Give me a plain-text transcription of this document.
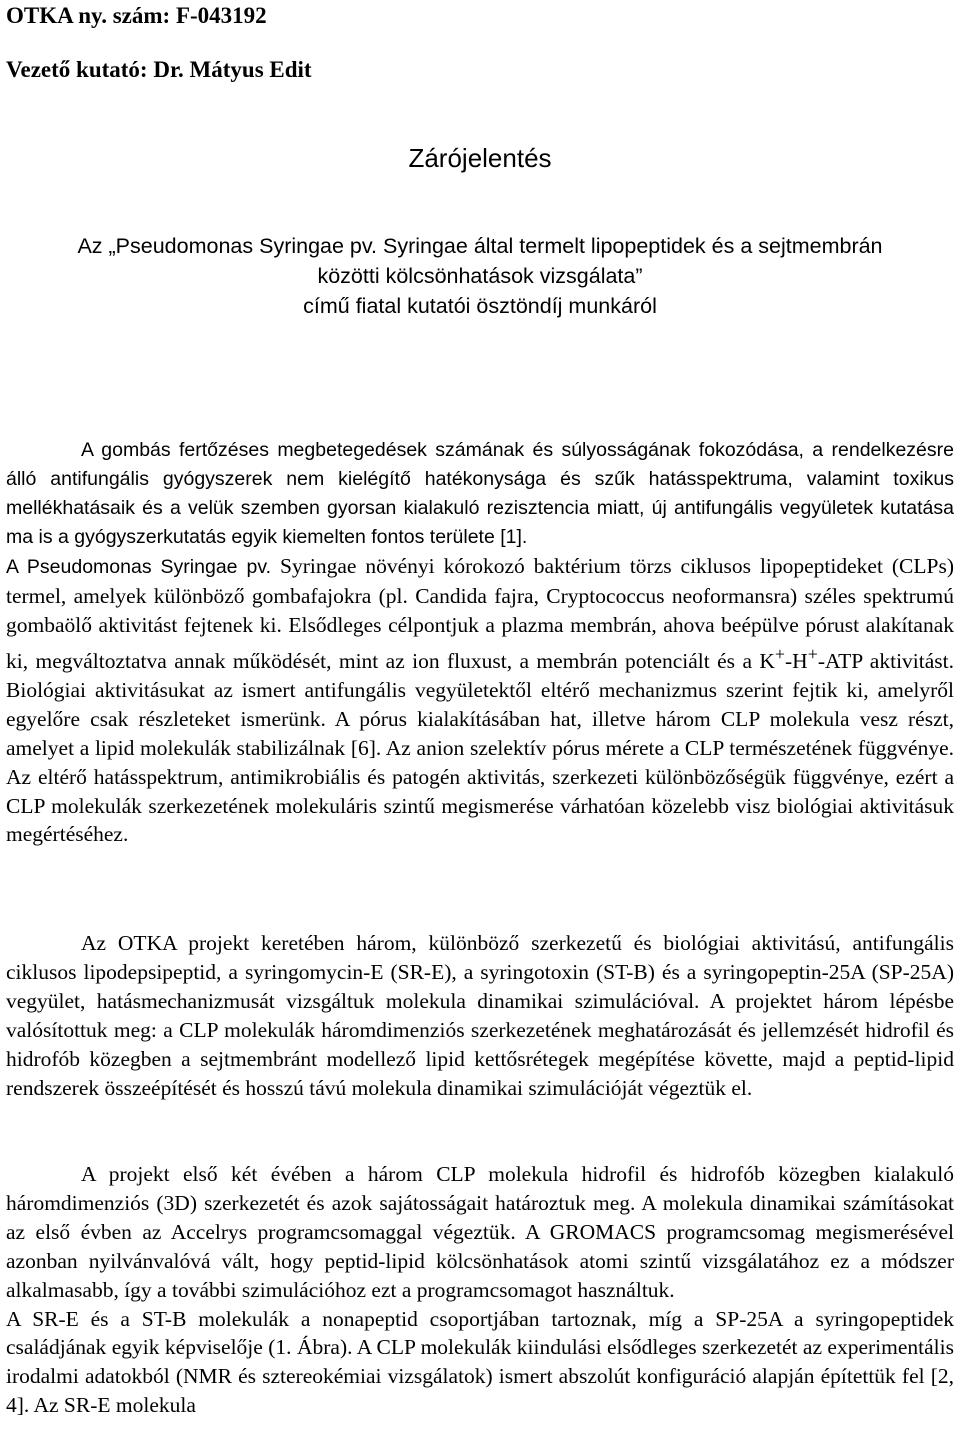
OTKA ny. szám: F-043192
Vezető kutató: Dr. Mátyus Edit
Zárójelentés
Az „Pseudomonas Syringae pv. Syringae által termelt lipopeptidek és a sejtmembrán
közötti kölcsönhatások vizsgálata”
című fiatal kutatói ösztöndíj munkáról

A gombás fertőzéses megbetegedések számának és súlyosságának fokozódása, a rendelkezésre álló antifungális gyógyszerek nem kielégítő hatékonysága és szűk hatásspektruma, valamint toxikus mellékhatásaik és a velük szemben gyorsan kialakuló rezisztencia miatt, új antifungális vegyületek kutatása ma is a gyógyszerkutatás egyik kiemelten fontos területe [1].

A Pseudomonas Syringae pv. Syringae növényi kórokozó baktérium törzs ciklusos lipopeptideket (CLPs) termel, amelyek különböző gombafajokra (pl. Candida fajra, Cryptococcus neoformansra) széles spektrumú gombaölő aktivitást fejtenek ki. Elsődleges célpontjuk a plazma membrán, ahova beépülve pórust alakítanak ki, megváltoztatva annak működését, mint az ion fluxust, a membrán potenciált és a K+-H+-ATP aktivitást. Biológiai aktivitásukat az ismert antifungális vegyületektől eltérő mechanizmus szerint fejtik ki, amelyről egyelőre csak részleteket ismerünk. A pórus kialakításában hat, illetve három CLP molekula vesz részt, amelyet a lipid molekulák stabilizálnak [6]. Az anion szelektív pórus mérete a CLP természetének függvénye. Az eltérő hatásspektrum, antimikrobiális és patogén aktivitás, szerkezeti különbözőségük függvénye, ezért a CLP molekulák szerkezetének molekuláris szintű megismerése várhatóan közelebb visz biológiai aktivitásuk megértéséhez.

Az OTKA projekt keretében három, különböző szerkezetű és biológiai aktivitású, antifungális ciklusos lipodepsipeptid, a syringomycin-E (SR-E), a syringotoxin (ST-B) és a syringopeptin-25A (SP-25A) vegyület, hatásmechanizmusát vizsgáltuk molekula dinamikai szimulációval. A projektet három lépésbe valósítottuk meg: a CLP molekulák háromdimenziós szerkezetének meghatározását és jellemzését hidrofil és hidrofób közegben a sejtmembránt modellező lipid kettősrétegek megépítése követte, majd a peptid-lipid rendszerek összeépítését és hosszú távú molekula dinamikai szimulációját végeztük el.

A projekt első két évében a három CLP molekula hidrofil és hidrofób közegben kialakuló háromdimenziós (3D) szerkezetét és azok sajátosságait határoztuk meg. A molekula dinamikai számításokat az első évben az Accelrys programcsomaggal végeztük. A GROMACS programcsomag megismerésével azonban nyilvánvalóvá vált, hogy peptid-lipid kölcsönhatások atomi szintű vizsgálatához ez a módszer alkalmasabb, így a további szimulációhoz ezt a programcsomagot használtuk.

A SR-E és a ST-B molekulák a nonapeptid csoportjában tartoznak, míg a SP-25A a syringopeptidek családjának egyik képviselője (1. Ábra). A CLP molekulák kiindulási elsődleges szerkezetét az experimentális irodalmi adatokból (NMR és sztereokémiai vizsgálatok) ismert abszolút konfiguráció alapján építettük fel [2, 4]. Az SR-E molekula
